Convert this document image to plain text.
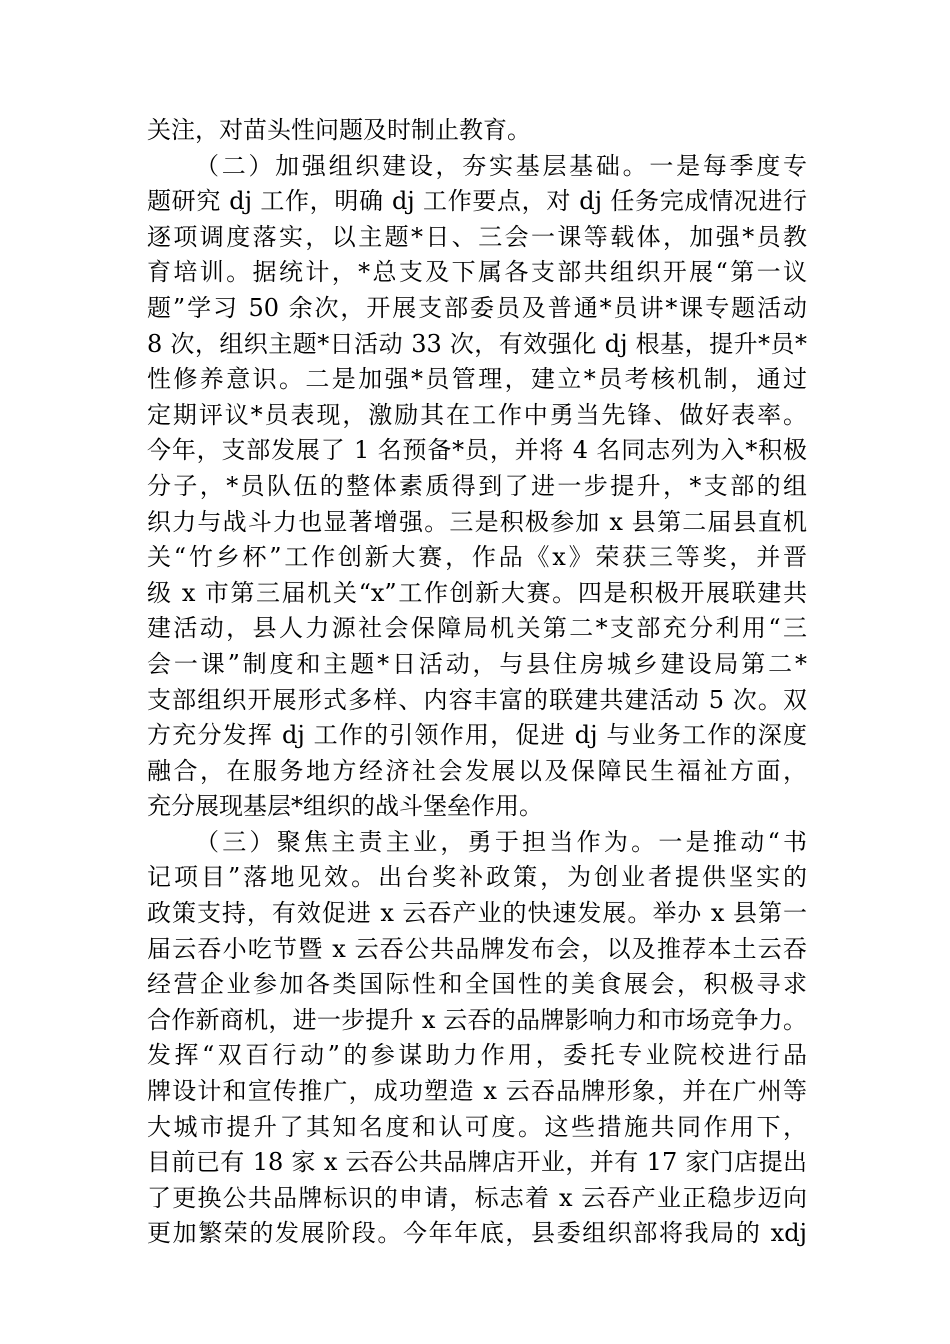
关注，对苗头性问题及时制止教育。
（二）加强组织建设，夯实基层基础。一是每季度专
题研究 dj 工作，明确 dj 工作要点，对 dj 任务完成情况进行
逐项调度落实，以主题*日、三会一课等载体，加强*员教
育培训。据统计，*总支及下属各支部共组织开展“第一议
题”学习 50 余次，开展支部委员及普通*员讲*课专题活动
8 次，组织主题*日活动 33 次，有效强化 dj 根基，提升*员*
性修养意识。二是加强*员管理，建立*员考核机制，通过
定期评议*员表现，激励其在工作中勇当先锋、做好表率。
今年，支部发展了 1 名预备*员，并将 4 名同志列为入*积极
分子，*员队伍的整体素质得到了进一步提升，*支部的组
织力与战斗力也显著增强。三是积极参加 x 县第二届县直机
关“竹乡杯”工作创新大赛，作品《x》荣获三等奖，并晋
级 x 市第三届机关“x”工作创新大赛。四是积极开展联建共
建活动，县人力源社会保障局机关第二*支部充分利用“三
会一课”制度和主题*日活动，与县住房城乡建设局第二*
支部组织开展形式多样、内容丰富的联建共建活动 5 次。双
方充分发挥 dj 工作的引领作用，促进 dj 与业务工作的深度
融合，在服务地方经济社会发展以及保障民生福祉方面，
充分展现基层*组织的战斗堡垒作用。
（三）聚焦主责主业，勇于担当作为。一是推动“书
记项目”落地见效。出台奖补政策，为创业者提供坚实的
政策支持，有效促进 x 云吞产业的快速发展。举办 x 县第一
届云吞小吃节暨 x 云吞公共品牌发布会，以及推荐本土云吞
经营企业参加各类国际性和全国性的美食展会，积极寻求
合作新商机，进一步提升 x 云吞的品牌影响力和市场竞争力。
发挥“双百行动”的参谋助力作用，委托专业院校进行品
牌设计和宣传推广，成功塑造 x 云吞品牌形象，并在广州等
大城市提升了其知名度和认可度。这些措施共同作用下，
目前已有 18 家 x 云吞公共品牌店开业，并有 17 家门店提出
了更换公共品牌标识的申请，标志着 x 云吞产业正稳步迈向
更加繁荣的发展阶段。今年年底，县委组织部将我局的 xdj
